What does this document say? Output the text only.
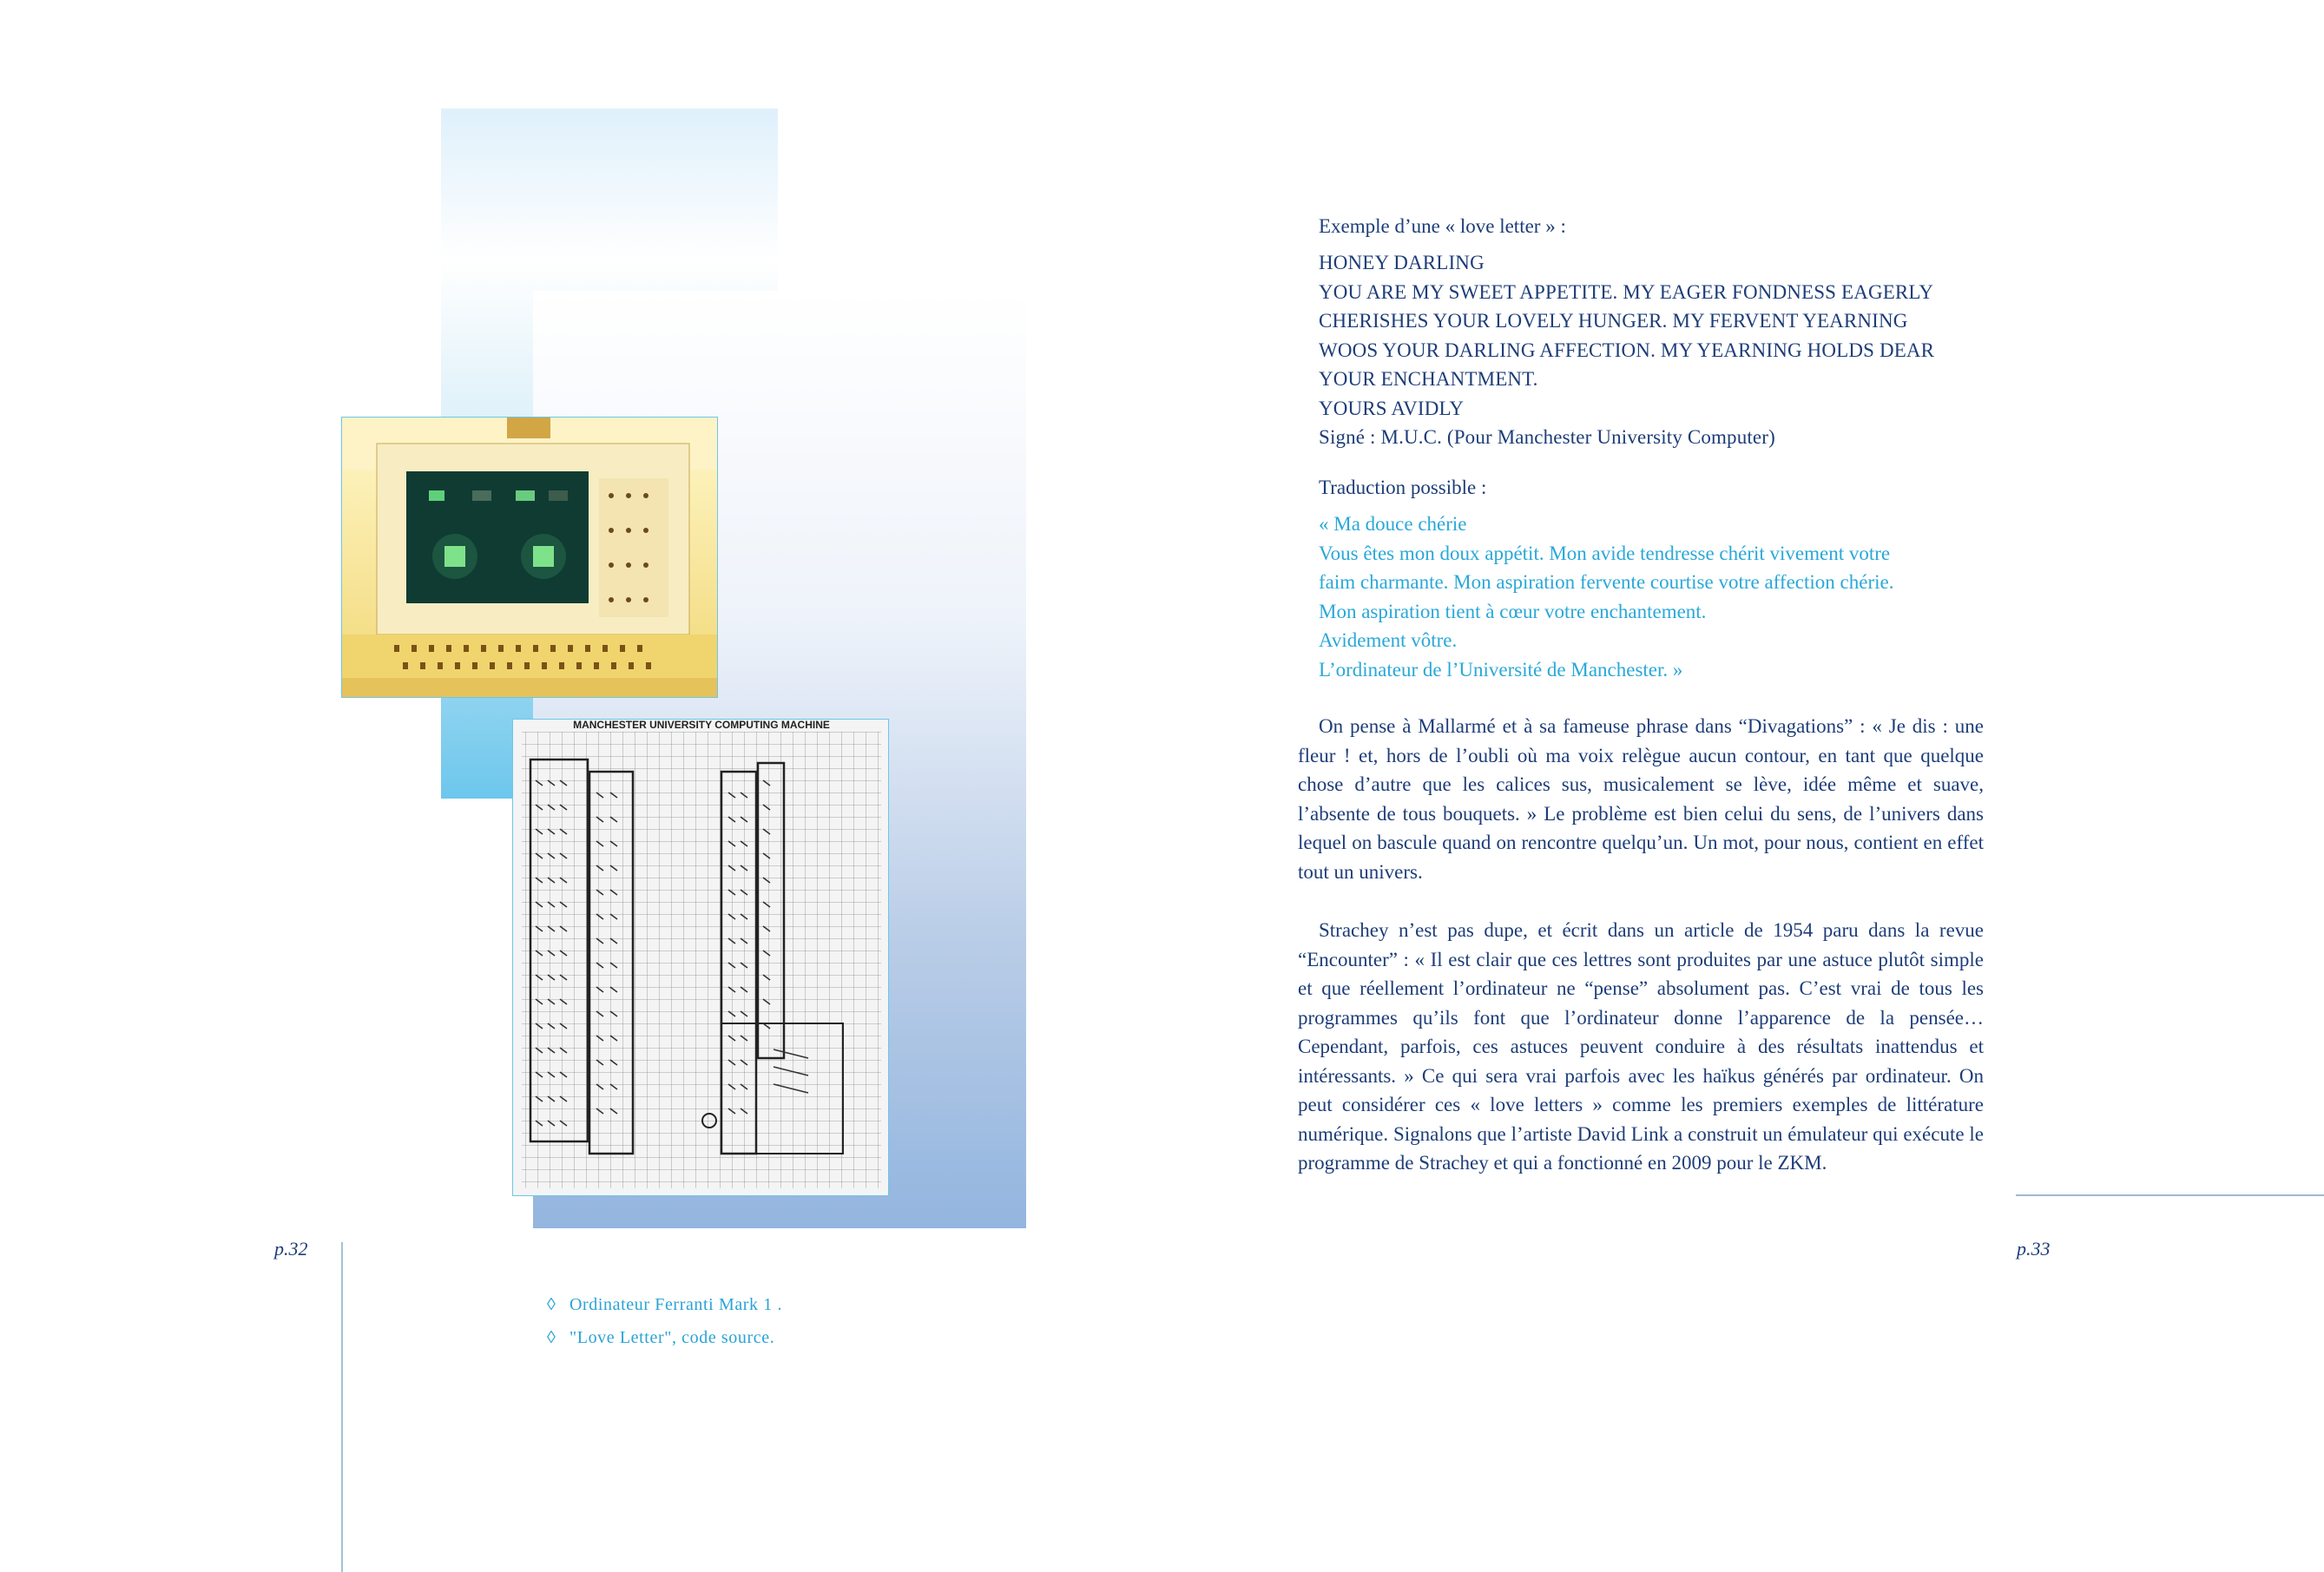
MANCHESTER UNIVERSITY COMPUTING MACHINE
p.32	p.33
◊ Ordinateur Ferranti Mark 1 .
◊ "Love Letter", code source.

Exemple d’une « love letter » :

HONEY DARLING

YOU ARE MY SWEET APPETITE. MY EAGER FONDNESS EAGERLY

CHERISHES YOUR LOVELY HUNGER. MY FERVENT YEARNING

WOOS YOUR DARLING AFFECTION. MY YEARNING HOLDS DEAR

YOUR ENCHANTMENT.

YOURS AVIDLY

Signé : M.U.C. (Pour Manchester University Computer)

Traduction possible :

« Ma douce chérie

Vous êtes mon doux appétit. Mon avide tendresse chérit vivement votre

faim charmante. Mon aspiration fervente courtise votre affection chérie.

Mon aspiration tient à cœur votre enchantement.

Avidement vôtre.

L’ordinateur de l’Université de Manchester. »

On pense à Mallarmé et à sa fameuse phrase dans “Divagations” : « Je dis : une fleur ! et, hors de l’oubli où ma voix relègue aucun contour, en tant que quelque chose d’autre que les calices sus, musicalement se lève, idée même et suave, l’absente de tous bouquets. » Le problème est bien celui du sens, de l’univers dans lequel on bascule quand on rencontre quelqu’un. Un mot, pour nous, contient en effet tout un univers.

Strachey n’est pas dupe, et écrit dans un article de 1954 paru dans la revue “Encounter” : « Il est clair que ces lettres sont produites par une astuce plutôt simple et que réellement l’ordinateur ne “pense” absolument pas. C’est vrai de tous les programmes qu’ils font que l’ordinateur donne l’apparence de la pensée… Cependant, parfois, ces astuces peuvent conduire à des résultats inattendus et intéressants. » Ce qui sera vrai parfois avec les haïkus générés par ordinateur. On peut considérer ces « love letters » comme les premiers exemples de littérature numérique. Signalons que l’artiste David Link a construit un émulateur qui exécute le programme de Strachey et qui a fonctionné en 2009 pour le ZKM.
